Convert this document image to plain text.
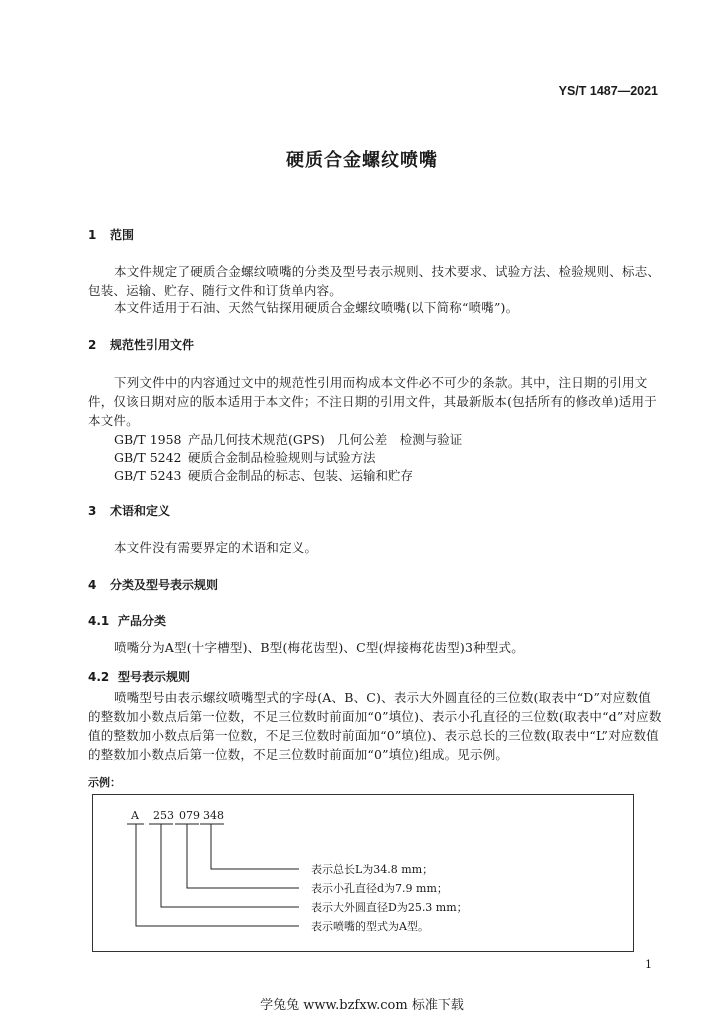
YS/T 1487—2021
硬质合金螺纹喷嘴
1 范围
本文件规定了硬质合金螺纹喷嘴的分类及型号表示规则、技术要求、试验方法、检验规则、标志、包装、运输、贮存、随行文件和订货单内容。
本文件适用于石油、天然气钻探用硬质合金螺纹喷嘴(以下简称“喷嘴”)。
2 规范性引用文件
下列文件中的内容通过文中的规范性引用而构成本文件必不可少的条款。其中，注日期的引用文件，仅该日期对应的版本适用于本文件；不注日期的引用文件，其最新版本(包括所有的修改单)适用于本文件。
GB/T 1958 产品几何技术规范(GPS)　几何公差　检测与验证
GB/T 5242 硬质合金制品检验规则与试验方法
GB/T 5243 硬质合金制品的标志、包装、运输和贮存
3 术语和定义
本文件没有需要界定的术语和定义。
4 分类及型号表示规则
4.1 产品分类
喷嘴分为A型(十字槽型)、B型(梅花齿型)、C型(焊接梅花齿型)3种型式。
4.2 型号表示规则
喷嘴型号由表示螺纹喷嘴型式的字母(A、B、C)、表示大外圆直径的三位数(取表中“D”对应数值的整数加小数点后第一位数，不足三位数时前面加“0”填位)、表示小孔直径的三位数(取表中“d”对应数值的整数加小数点后第一位数，不足三位数时前面加“0”填位)、表示总长的三位数(取表中“L”对应数值的整数加小数点后第一位数，不足三位数时前面加“0”填位)组成。见示例。
示例：
A 253 079 348
表示总长L为34.8 mm；
表示小孔直径d为7.9 mm；
表示大外圆直径D为25.3 mm；
表示喷嘴的型式为A型。
1
学兔兔 www.bzfxw.com 标准下载
